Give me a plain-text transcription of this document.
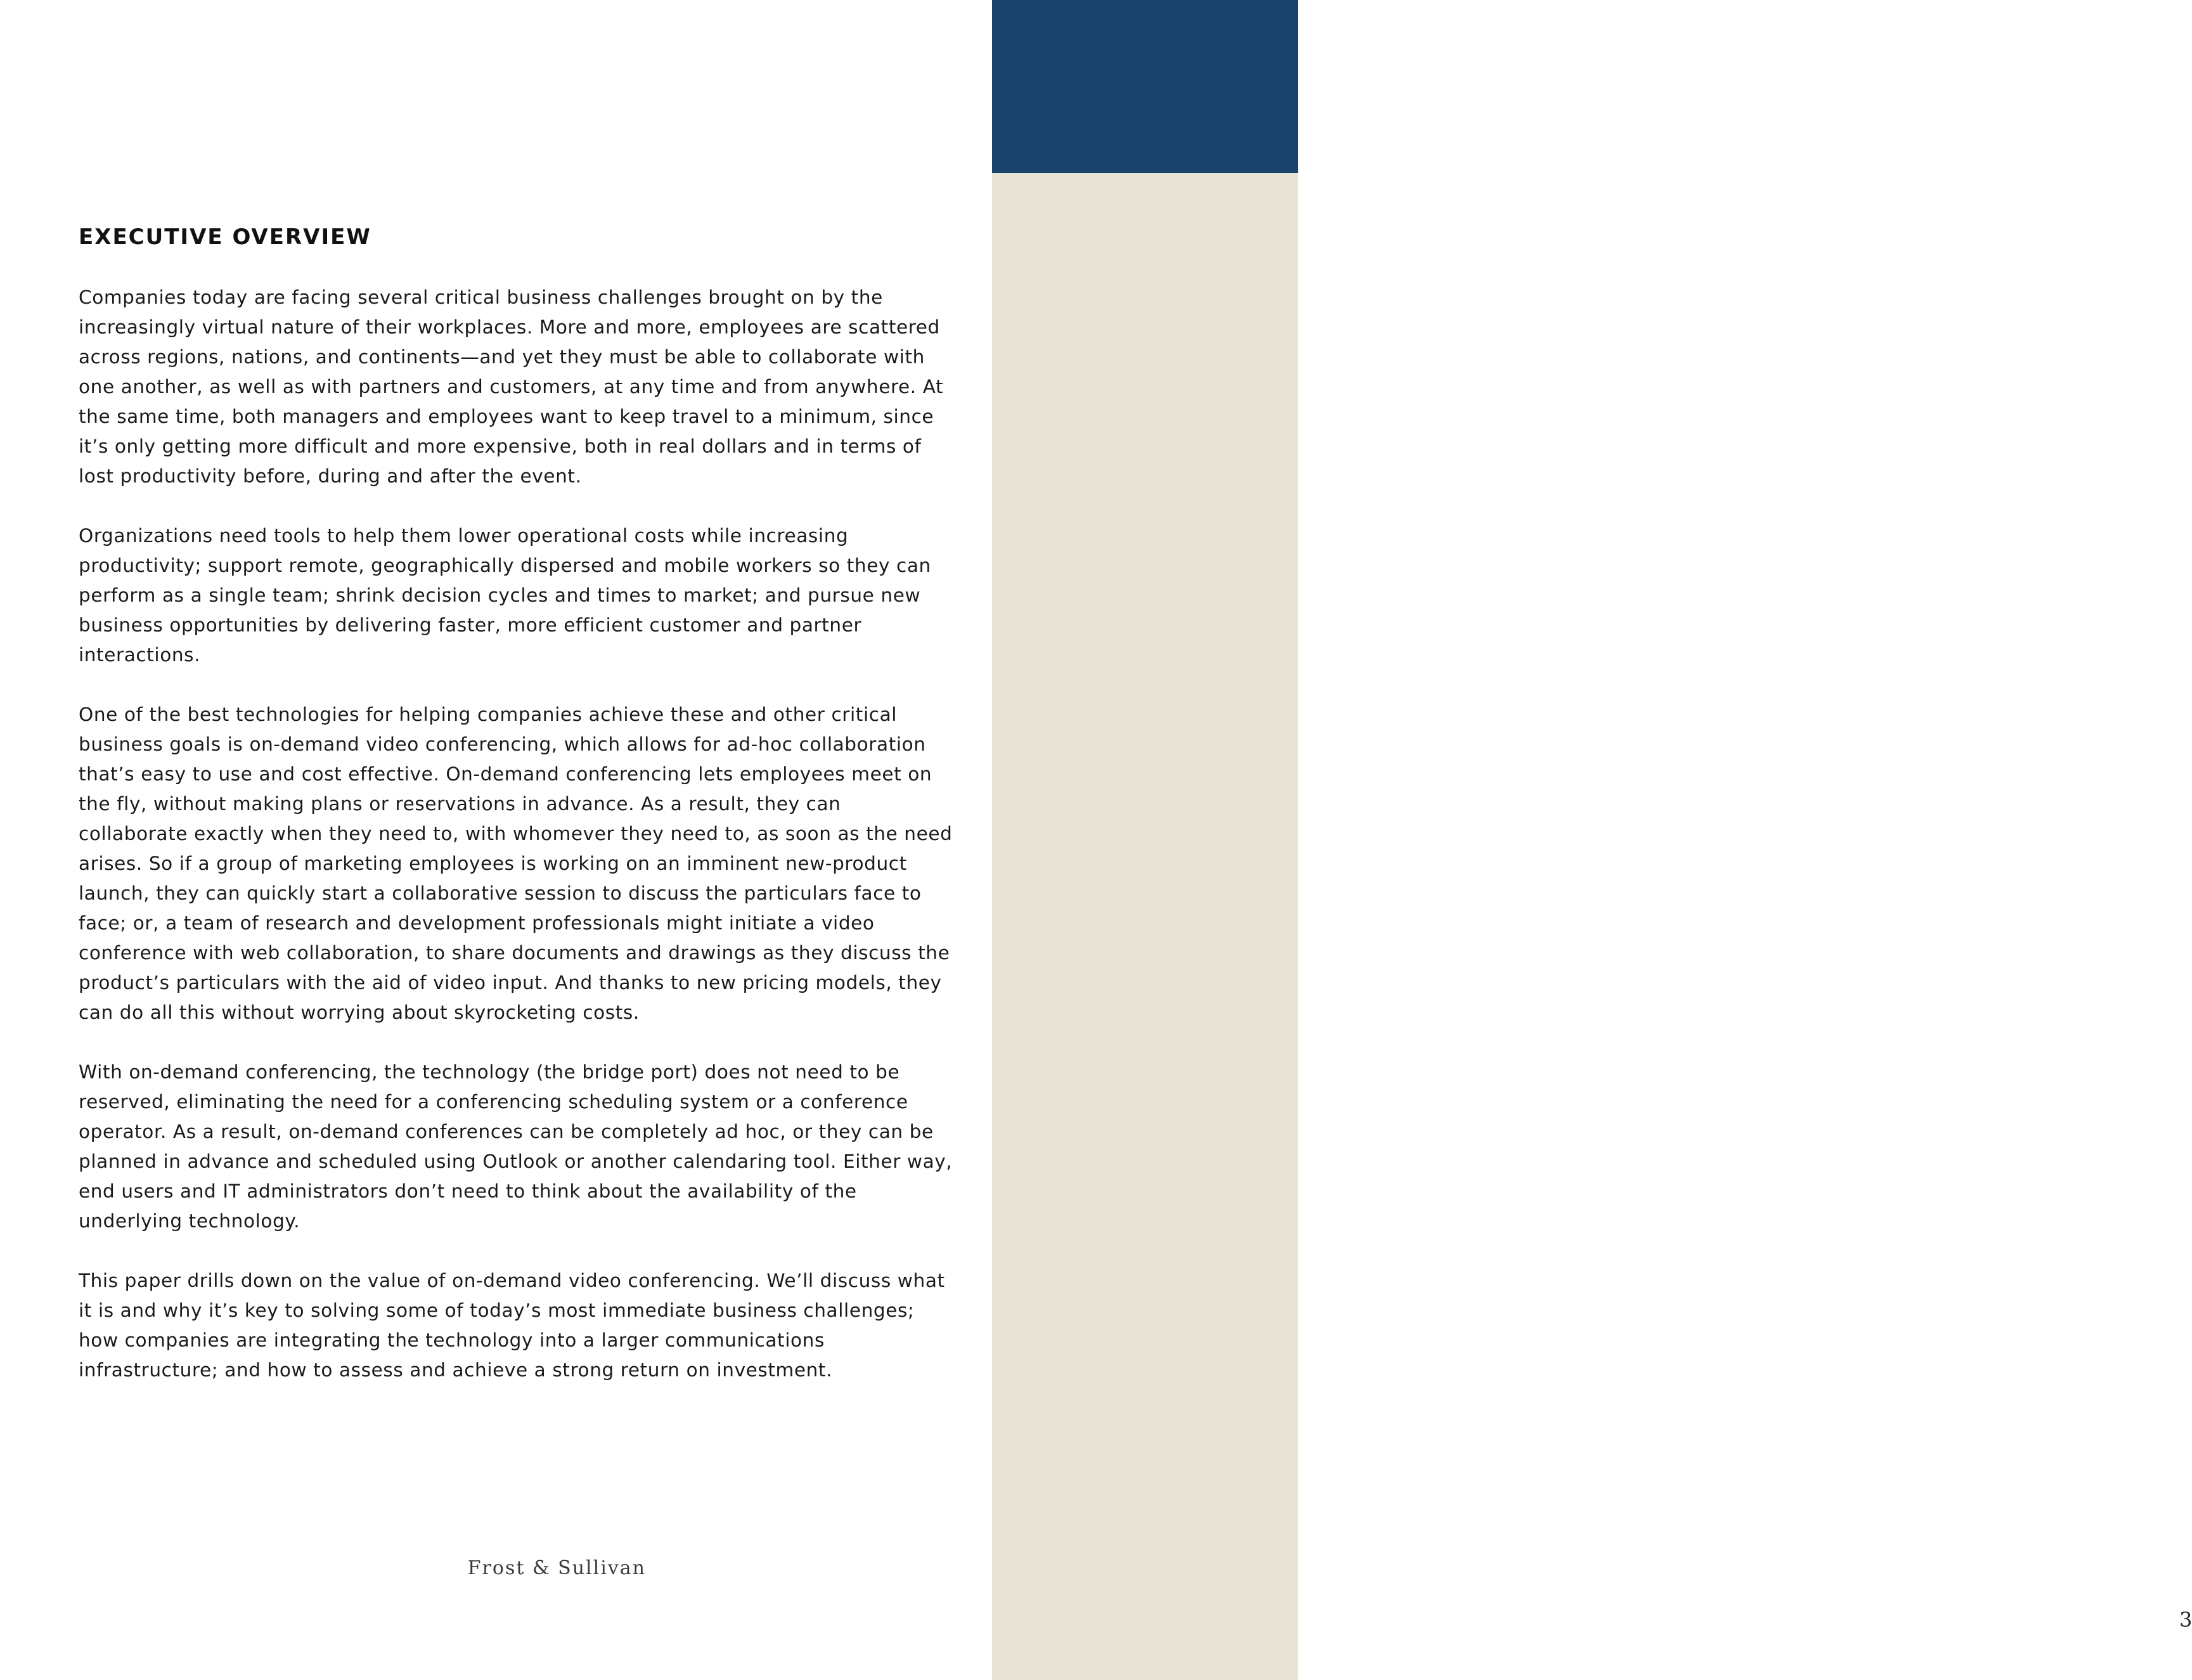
EXECUTIVE OVERVIEW

Companies today are facing several critical business challenges brought on by the increasingly virtual nature of their workplaces. More and more, employees are scattered across regions, nations, and continents—and yet they must be able to collaborate with one another, as well as with partners and customers, at any time and from anywhere. At the same time, both managers and employees want to keep travel to a minimum, since it’s only getting more difficult and more expensive, both in real dollars and in terms of lost productivity before, during and after the event.

Organizations need tools to help them lower operational costs while increasing productivity; support remote, geographically dispersed and mobile workers so they can perform as a single team; shrink decision cycles and times to market; and pursue new business opportunities by delivering faster, more efficient customer and partner interactions.

One of the best technologies for helping companies achieve these and other critical business goals is on-demand video conferencing, which allows for ad-hoc collaboration that’s easy to use and cost effective. On-demand conferencing lets employees meet on the fly, without making plans or reservations in advance. As a result, they can collaborate exactly when they need to, with whomever they need to, as soon as the need arises. So if a group of marketing employees is working on an imminent new-product launch, they can quickly start a collaborative session to discuss the particulars face to face; or, a team of research and development professionals might initiate a video conference with web collaboration, to share documents and drawings as they discuss the product’s particulars with the aid of video input. And thanks to new pricing models, they can do all this without worrying about skyrocketing costs.

With on-demand conferencing, the technology (the bridge port) does not need to be reserved, eliminating the need for a conferencing scheduling system or a conference operator. As a result, on-demand conferences can be completely ad hoc, or they can be planned in advance and scheduled using Outlook or another calendaring tool. Either way, end users and IT administrators don’t need to think about the availability of the underlying technology.

This paper drills down on the value of on-demand video conferencing. We’ll discuss what it is and why it’s key to solving some of today’s most immediate business challenges; how companies are integrating the technology into a larger communications infrastructure; and how to assess and achieve a strong return on investment.

Frost & Sullivan
3
